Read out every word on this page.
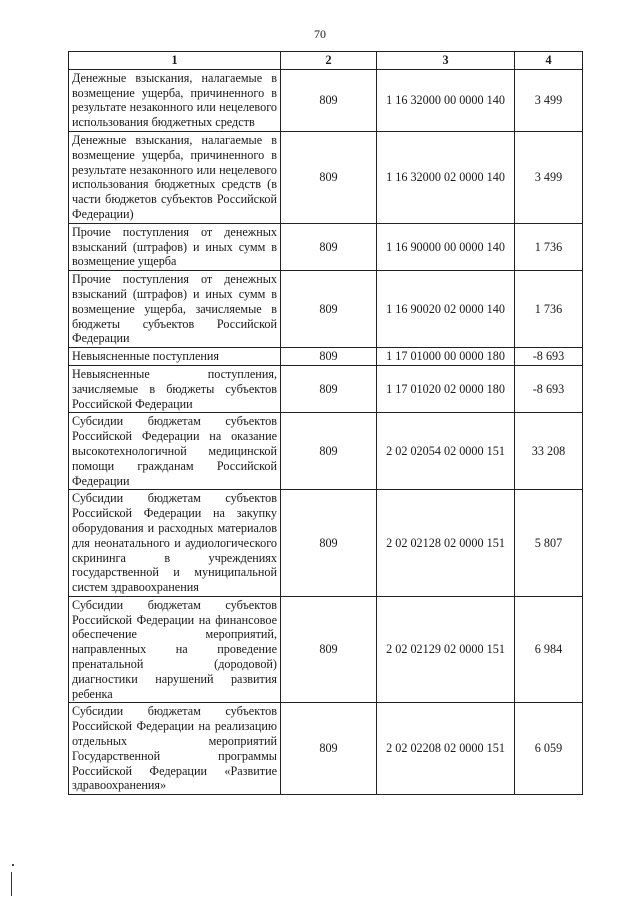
70
1	2	3	4
Денежные взыскания, налагаемые в возмещение ущерба, причиненного в результате незаконного или нецелевого использования бюджетных средств	809	1 16 32000 00 0000 140	3 499
Денежные взыскания, налагаемые в возмещение ущерба, причиненного в результате незаконного или нецелевого использования бюджетных средств (в части бюджетов субъектов Российской Федерации)	809	1 16 32000 02 0000 140	3 499
Прочие поступления от денежных взысканий (штрафов) и иных сумм в возмещение ущерба	809	1 16 90000 00 0000 140	1 736
Прочие поступления от денежных взысканий (штрафов) и иных сумм в возмещение ущерба, зачисляемые в бюджеты субъектов Российской Федерации	809	1 16 90020 02 0000 140	1 736
Невыясненные поступления	809	1 17 01000 00 0000 180	-8 693
Невыясненные поступления, зачисляемые в бюджеты субъектов Российской Федерации	809	1 17 01020 02 0000 180	-8 693
Субсидии бюджетам субъектов Российской Федерации на оказание высокотехнологичной медицинской помощи гражданам Российской Федерации	809	2 02 02054 02 0000 151	33 208
Субсидии бюджетам субъектов Российской Федерации на закупку оборудования и расходных материалов для неонатального и аудиологического скрининга в учреждениях государственной и муниципальной систем здравоохранения	809	2 02 02128 02 0000 151	5 807
Субсидии бюджетам субъектов Российской Федерации на финансовое обеспечение мероприятий, направленных на проведение пренатальной (дородовой) диагностики нарушений развития ребенка	809	2 02 02129 02 0000 151	6 984
Субсидии бюджетам субъектов Российской Федерации на реализацию отдельных мероприятий Государственной программы Российской Федерации «Развитие здравоохранения»	809	2 02 02208 02 0000 151	6 059
